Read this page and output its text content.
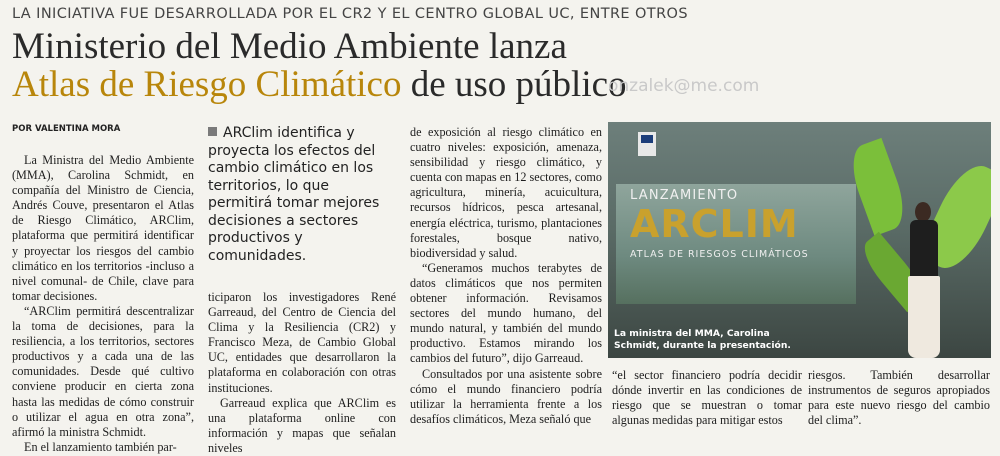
LA INICIATIVA FUE DESARROLLADA POR EL CR2 Y EL CENTRO GLOBAL UC, ENTRE OTROS
Ministerio del Medio Ambiente lanza
Atlas de Riesgo Climático de uso público
onzalek@me.com
POR VALENTINA MORA

La Ministra del Medio Ambiente (MMA), Carolina Schmidt, en compañía del Ministro de Ciencia, Andrés Couve, presentaron el Atlas de Riesgo Climático, ARClim, plataforma que permitirá identificar y proyectar los riesgos del cambio climático en los territorios -incluso a nivel comunal- de Chile, clave para tomar decisiones.

“ARClim permitirá descentralizar la toma de decisiones, para la resiliencia, a los territorios, sectores productivos y a cada una de las comunidades. Desde qué cultivo conviene producir en cierta zona hasta las medidas de cómo construir o utilizar el agua en otra zona”, afirmó la ministra Schmidt.

En el lanzamiento también par-

ARClim identifica y proyecta los efectos del cambio climático en los territorios, lo que permitirá tomar mejores decisiones a sectores productivos y comunidades.

ticiparon los investigadores René Garreaud, del Centro de Ciencia del Clima y la Resiliencia (CR2) y Francisco Meza, de Cambio Global UC, entidades que desarrollaron la plataforma en colaboración con otras instituciones.

Garreaud explica que ARClim es una plataforma online con información y mapas que señalan niveles

de exposición al riesgo climático en cuatro niveles: exposición, amenaza, sensibilidad y riesgo climático, y cuenta con mapas en 12 sectores, como agricultura, minería, acuicultura, recursos hídricos, pesca artesanal, energía eléctrica, turismo, plantaciones forestales, bosque nativo, biodiversidad y salud.

“Generamos muchos terabytes de datos climáticos que nos permiten obtener información. Revisamos sectores del mundo humano, del mundo natural, y también del mundo productivo. Estamos mirando los cambios del futuro”, dijo Garreaud.

Consultados por una asistente sobre cómo el mundo financiero podría utilizar la herramienta frente a los desafíos climáticos, Meza señaló que

LANZAMIENTO
ARCLIM
ATLAS DE RIESGOS CLIMÁTICOS
La ministra del MMA, Carolina Schmidt, durante la presentación.

“el sector financiero podría decidir dónde invertir en las condiciones de riesgo que se muestran o tomar algunas medidas para mitigar estos

riesgos. También desarrollar instrumentos de seguros apropiados para este nuevo riesgo del cambio del clima”.
